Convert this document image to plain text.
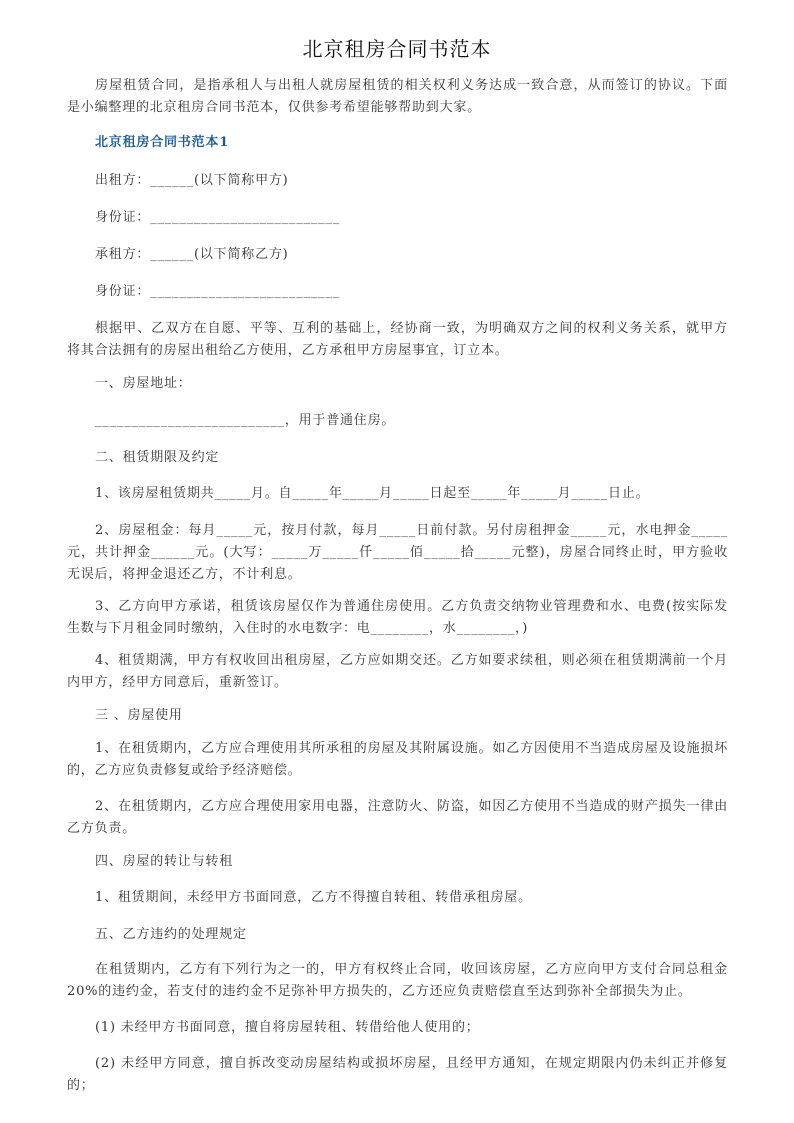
北京租房合同书范本
房屋租赁合同，是指承租人与出租人就房屋租赁的相关权利义务达成一致合意，从而签订的协议。下面是小编整理的北京租房合同书范本，仅供参考希望能够帮助到大家。
北京租房合同书范本1
出租方：______(以下简称甲方)
身份证：__________________________
承租方：______(以下简称乙方)
身份证：__________________________
根据甲、乙双方在自愿、平等、互利的基础上，经协商一致，为明确双方之间的权利义务关系，就甲方将其合法拥有的房屋出租给乙方使用，乙方承租甲方房屋事宜，订立本。
一、房屋地址：
__________________________，用于普通住房。
二、租赁期限及约定
1、该房屋租赁期共_____月。自_____年_____月_____日起至_____年_____月_____日止。
2、房屋租金：每月_____元，按月付款，每月_____日前付款。另付房租押金_____元，水电押金_____元，共计押金______元。(大写：_____万_____仟_____佰_____拾_____元整)，房屋合同终止时，甲方验收无误后，将押金退还乙方，不计利息。
3、乙方向甲方承诺，租赁该房屋仅作为普通住房使用。乙方负责交纳物业管理费和水、电费(按实际发生数与下月租金同时缴纳，入住时的水电数字：电________，水________，)
4、租赁期满，甲方有权收回出租房屋，乙方应如期交还。乙方如要求续租，则必须在租赁期满前一个月内甲方，经甲方同意后，重新签订。
三 、房屋使用
1、在租赁期内，乙方应合理使用其所承租的房屋及其附属设施。如乙方因使用不当造成房屋及设施损坏的，乙方应负责修复或给予经济赔偿。
2、在租赁期内，乙方应合理使用家用电器，注意防火、防盗，如因乙方使用不当造成的财产损失一律由乙方负责。
四、房屋的转让与转租
1、租赁期间，未经甲方书面同意，乙方不得擅自转租、转借承租房屋。
五、乙方违约的处理规定
在租赁期内，乙方有下列行为之一的，甲方有权终止合同，收回该房屋，乙方应向甲方支付合同总租金20%的违约金，若支付的违约金不足弥补甲方损失的，乙方还应负责赔偿直至达到弥补全部损失为止。
(1) 未经甲方书面同意，擅自将房屋转租、转借给他人使用的；
(2) 未经甲方同意，擅自拆改变动房屋结构或损坏房屋，且经甲方通知，在规定期限内仍未纠正并修复的；
